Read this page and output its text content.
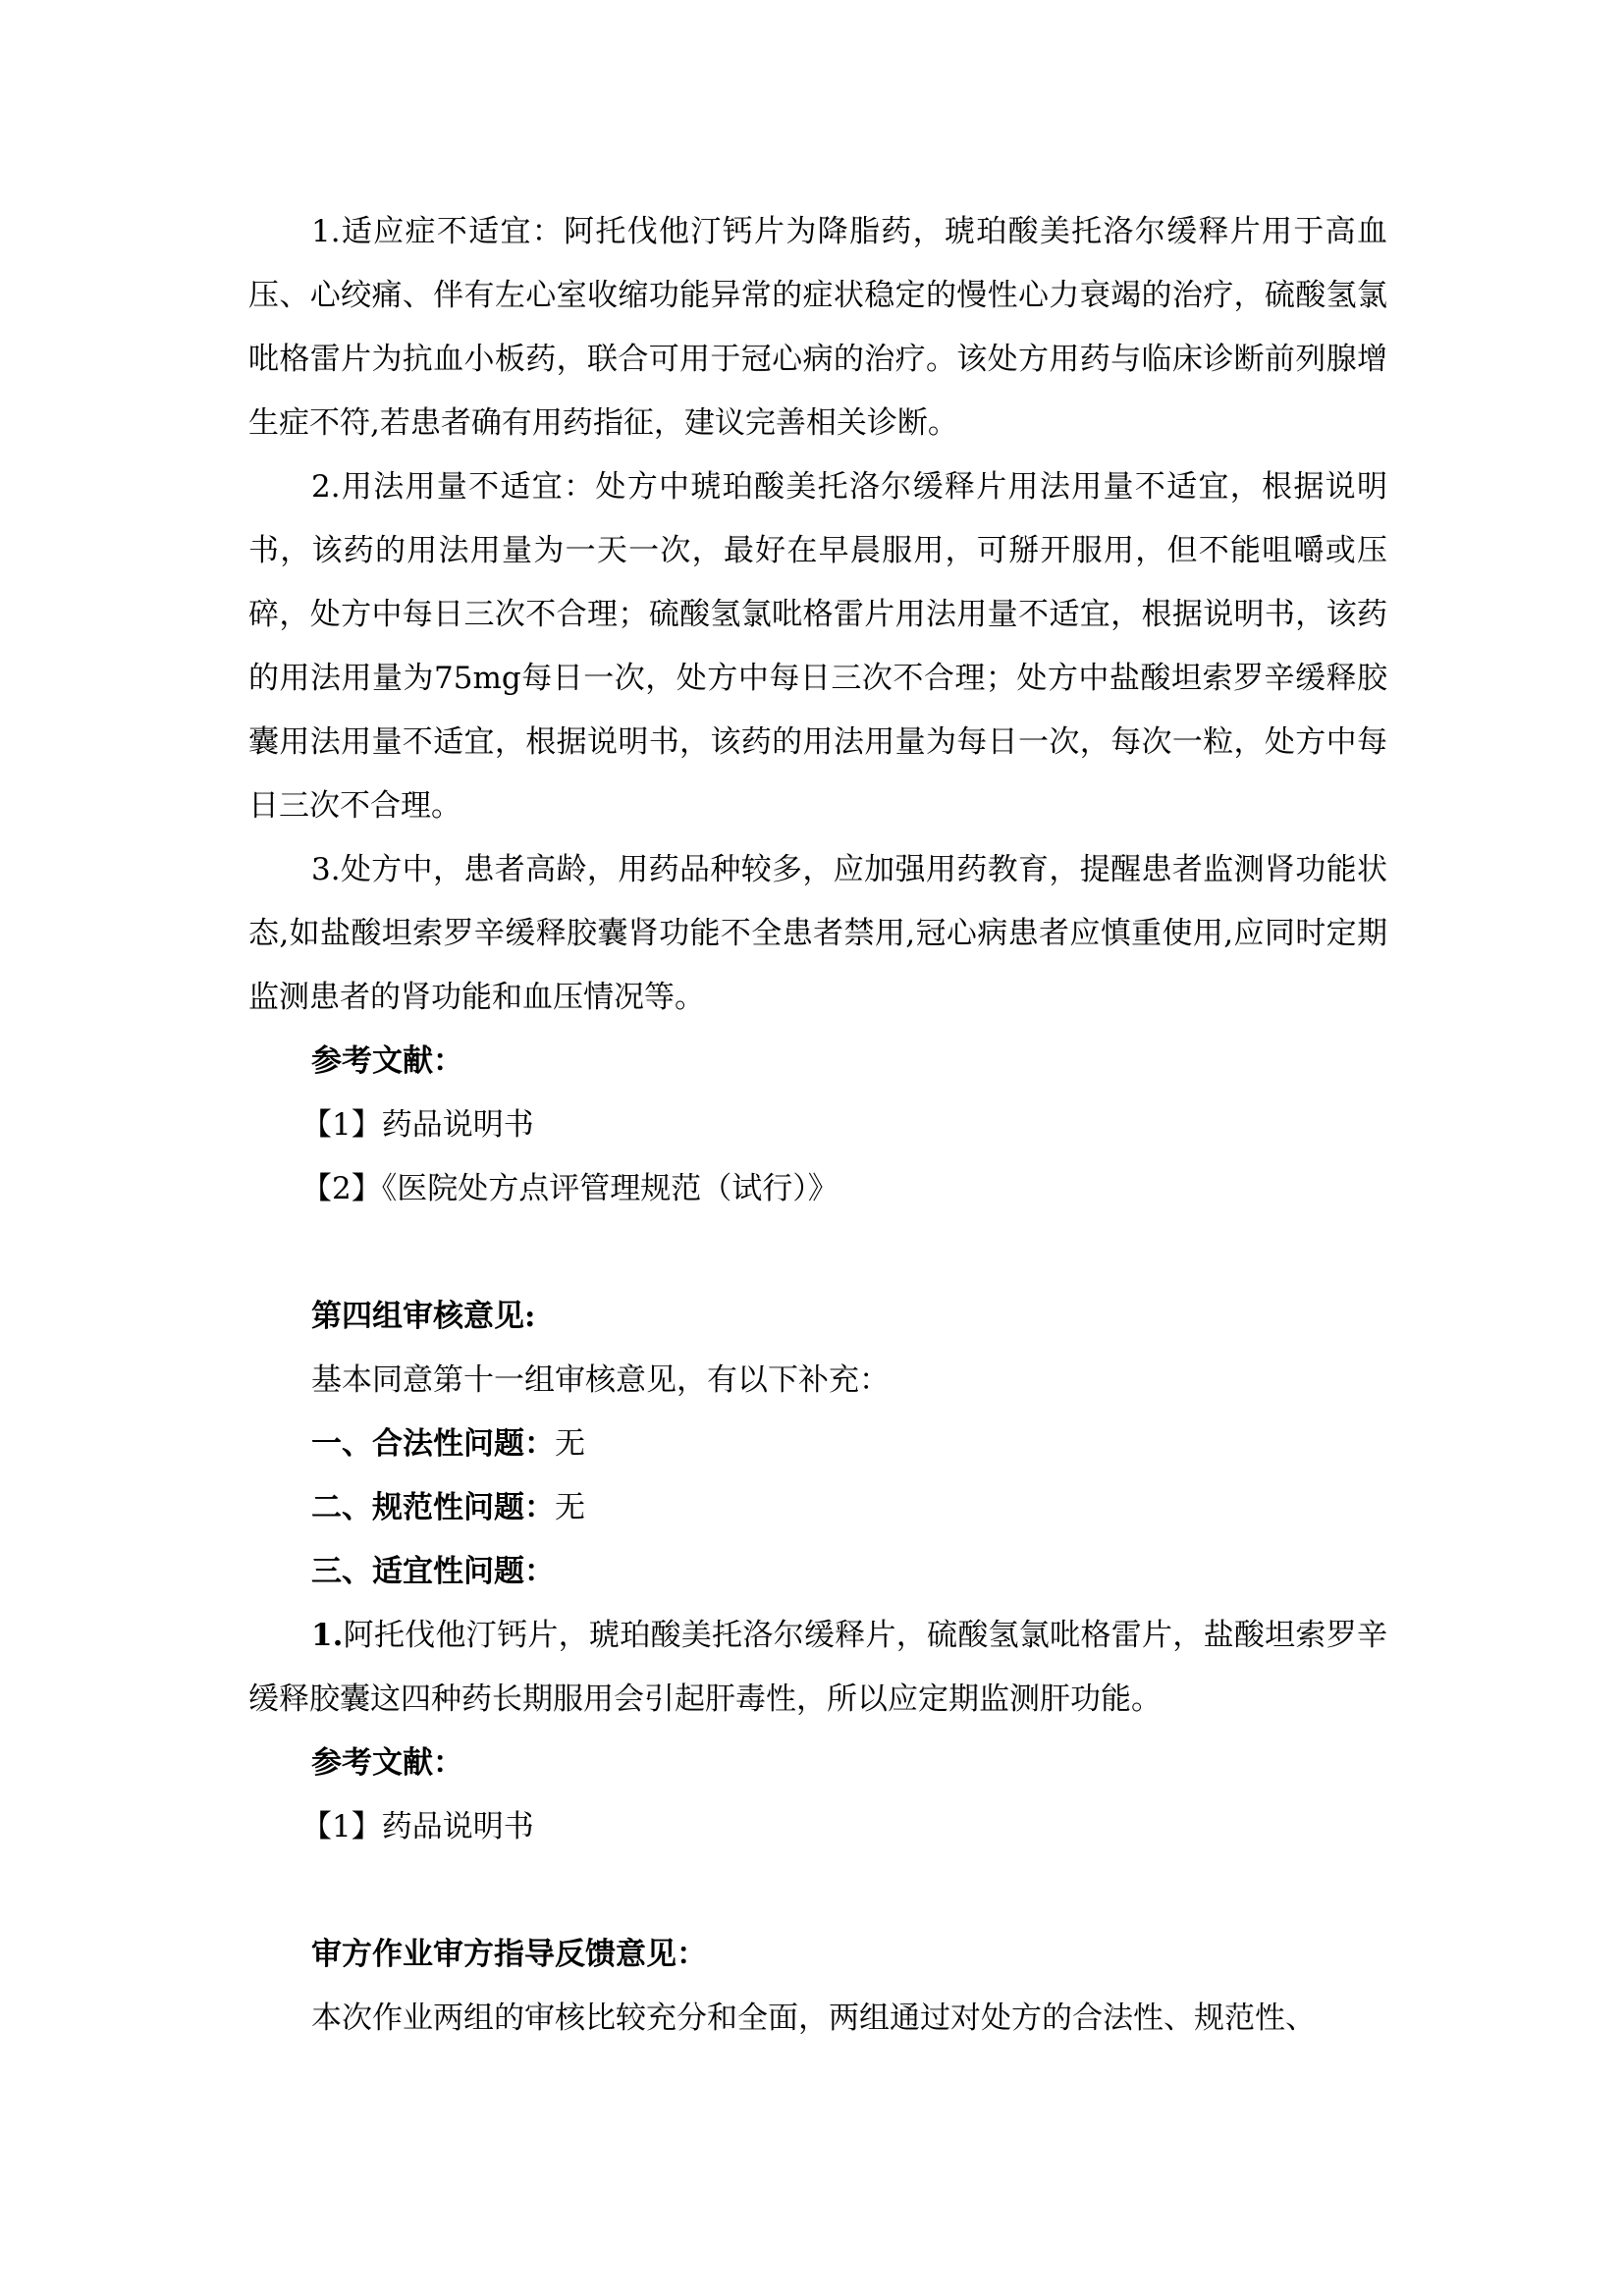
1.适应症不适宜：阿托伐他汀钙片为降脂药，琥珀酸美托洛尔缓释片用于高血压、心绞痛、伴有左心室收缩功能异常的症状稳定的慢性心力衰竭的治疗，硫酸氢氯吡格雷片为抗血小板药，联合可用于冠心病的治疗。该处方用药与临床诊断前列腺增生症不符,若患者确有用药指征，建议完善相关诊断。

2.用法用量不适宜：处方中琥珀酸美托洛尔缓释片用法用量不适宜，根据说明书，该药的用法用量为一天一次，最好在早晨服用，可掰开服用，但不能咀嚼或压碎，处方中每日三次不合理；硫酸氢氯吡格雷片用法用量不适宜，根据说明书，该药的用法用量为75mg每日一次，处方中每日三次不合理；处方中盐酸坦索罗辛缓释胶囊用法用量不适宜，根据说明书，该药的用法用量为每日一次，每次一粒，处方中每日三次不合理。

3.处方中，患者高龄，用药品种较多，应加强用药教育，提醒患者监测肾功能状态,如盐酸坦索罗辛缓释胶囊肾功能不全患者禁用,冠心病患者应慎重使用,应同时定期监测患者的肾功能和血压情况等。

参考文献：

【1】药品说明书

【2】《医院处方点评管理规范（试行）》

第四组审核意见:

基本同意第十一组审核意见，有以下补充：

一、合法性问题：无

二、规范性问题：无

三、适宜性问题：

1.阿托伐他汀钙片，琥珀酸美托洛尔缓释片，硫酸氢氯吡格雷片，盐酸坦索罗辛缓释胶囊这四种药长期服用会引起肝毒性，所以应定期监测肝功能。

参考文献：

【1】药品说明书

审方作业审方指导反馈意见：

本次作业两组的审核比较充分和全面，两组通过对处方的合法性、规范性、
